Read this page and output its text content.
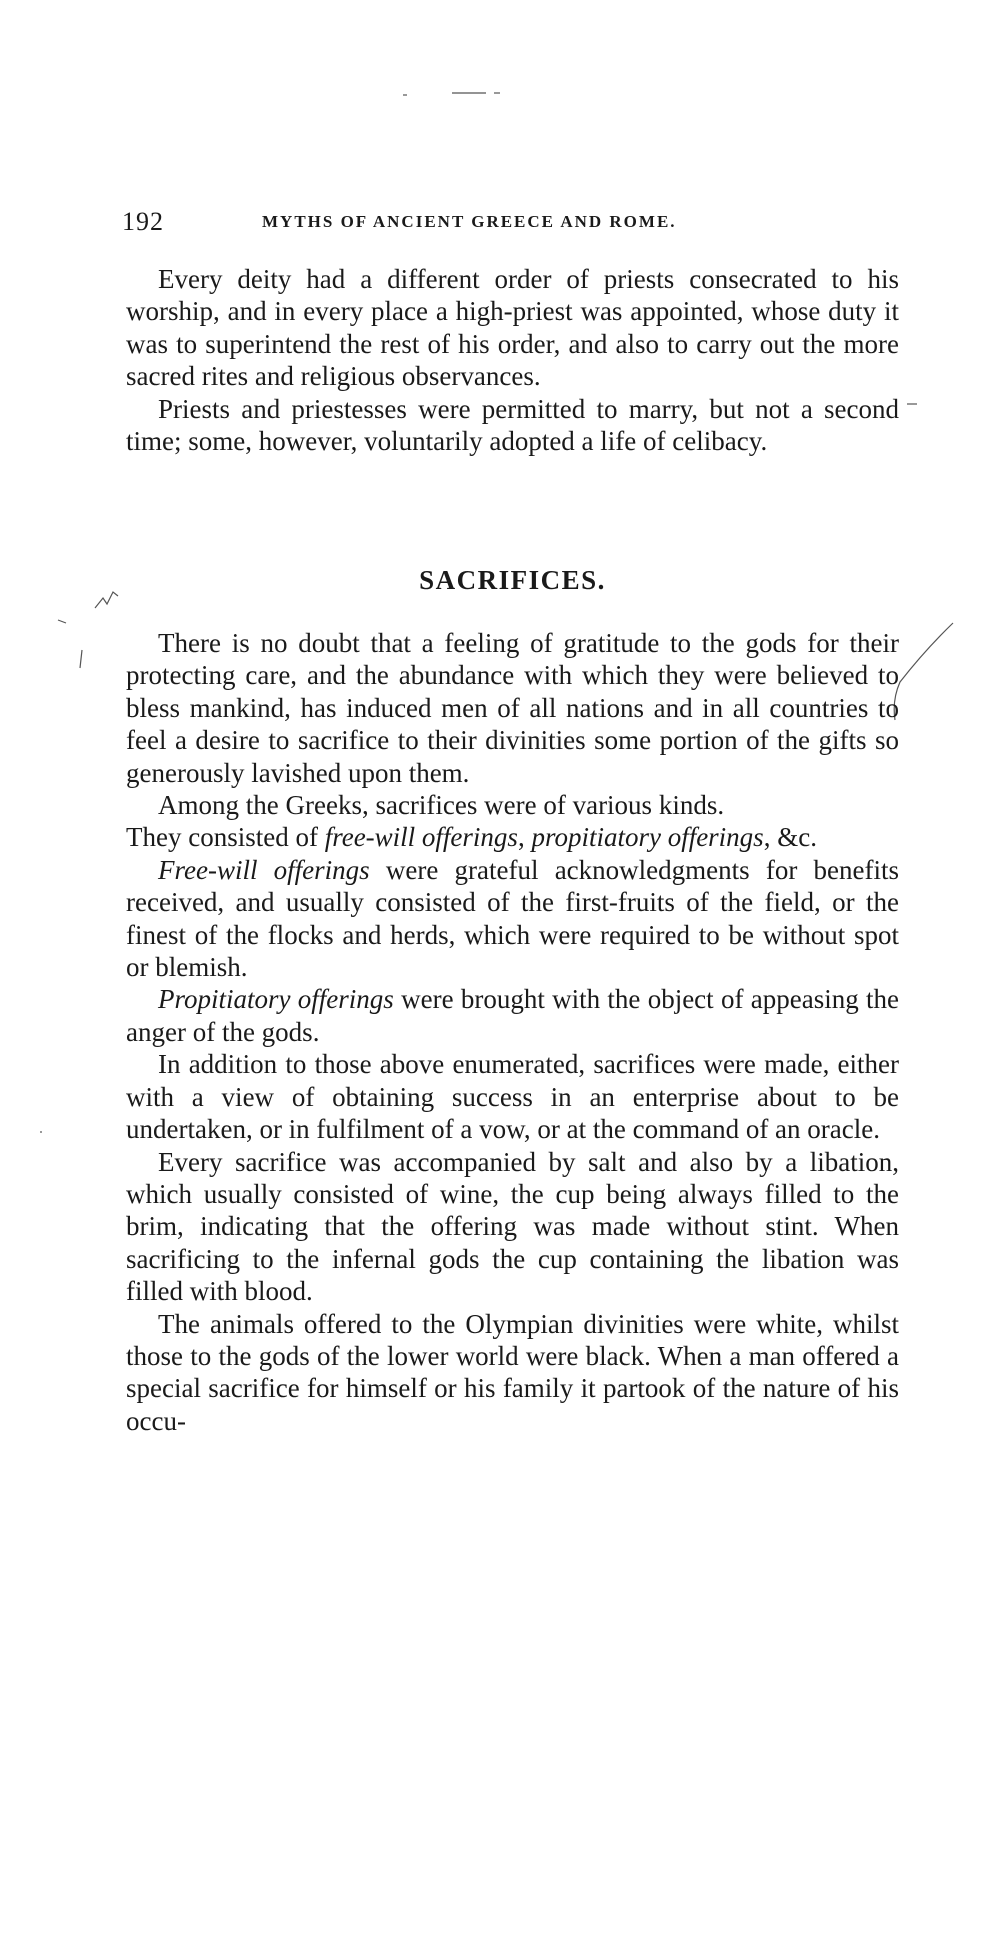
192	MYTHS OF ANCIENT GREECE AND ROME.

Every deity had a different order of priests consecrated to his worship, and in every place a high-priest was appointed, whose duty it was to superintend the rest of his order, and also to carry out the more sacred rites and religious observances.

Priests and priestesses were permitted to marry, but not a second time; some, however, voluntarily adopted a life of celibacy.

SACRIFICES.

There is no doubt that a feeling of gratitude to the gods for their protecting care, and the abundance with which they were believed to bless mankind, has induced men of all nations and in all countries to feel a desire to sacrifice to their divinities some portion of the gifts so generously lavished upon them.

Among the Greeks, sacrifices were of various kinds.

They consisted of free-will offerings, propitiatory offerings, &c.

Free-will offerings were grateful acknowledgments for benefits received, and usually consisted of the first-fruits of the field, or the finest of the flocks and herds, which were required to be without spot or blemish.

Propitiatory offerings were brought with the object of appeasing the anger of the gods.

In addition to those above enumerated, sacrifices were made, either with a view of obtaining success in an enterprise about to be undertaken, or in fulfilment of a vow, or at the command of an oracle.

Every sacrifice was accompanied by salt and also by a libation, which usually consisted of wine, the cup being always filled to the brim, indicating that the offering was made without stint. When sacrificing to the infernal gods the cup containing the libation was filled with blood.

The animals offered to the Olympian divinities were white, whilst those to the gods of the lower world were black. When a man offered a special sacrifice for himself or his family it partook of the nature of his occu-
